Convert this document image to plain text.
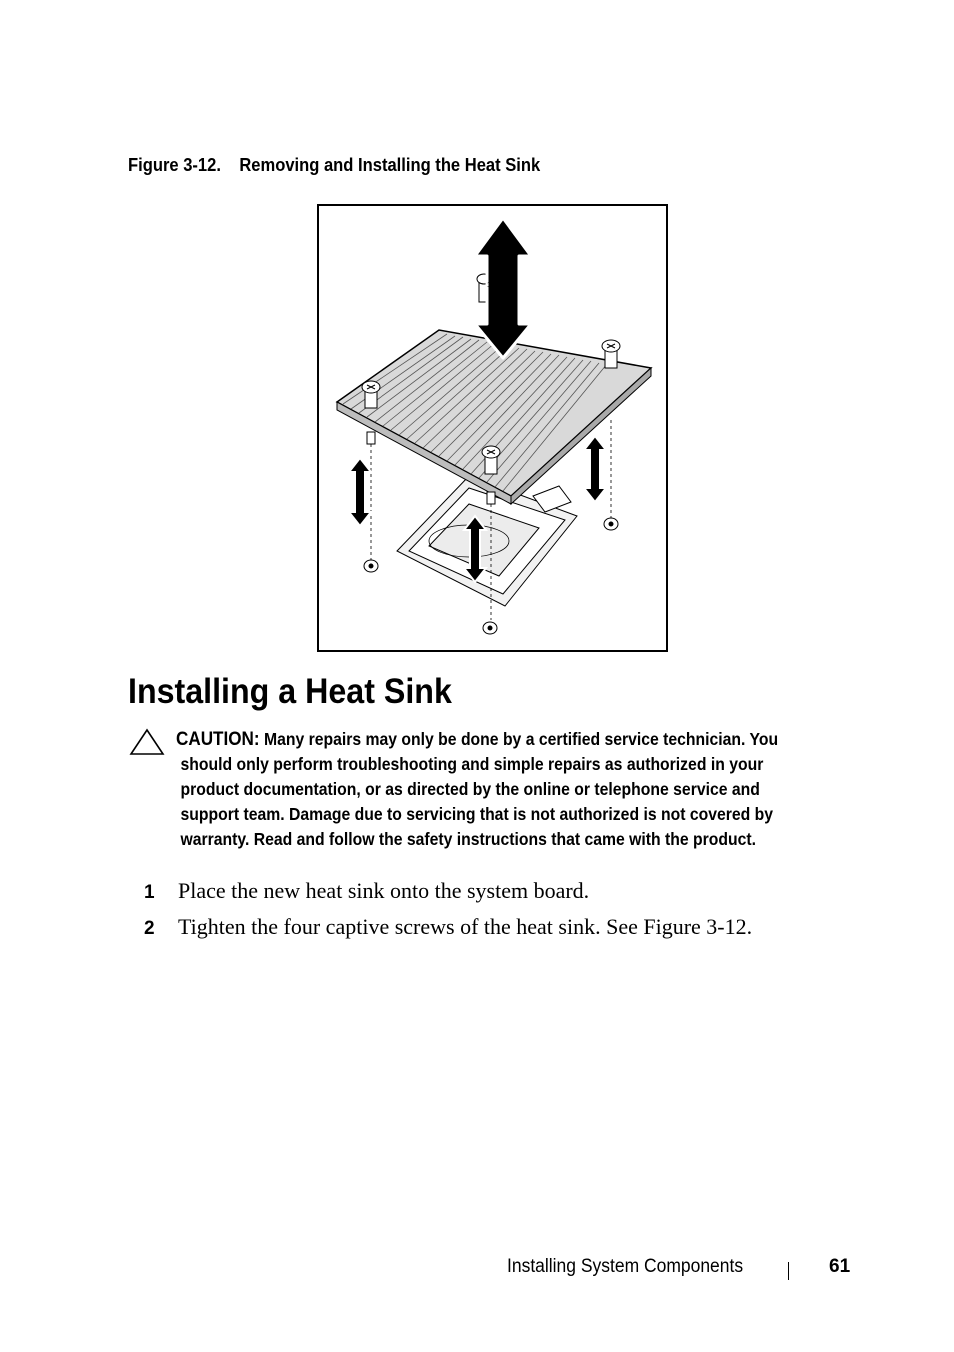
Figure 3-12. Removing and Installing the Heat Sink
1
Installing a Heat Sink
CAUTION: Many repairs may only be done by a certified service technician. You
should only perform troubleshooting and simple repairs as authorized in your
product documentation, or as directed by the online or telephone service and
support team. Damage due to servicing that is not authorized is not covered by
warranty. Read and follow the safety instructions that came with the product.
1 Place the new heat sink onto the system board.
2 Tighten the four captive screws of the heat sink. See Figure 3-12.
Installing System Components	61
